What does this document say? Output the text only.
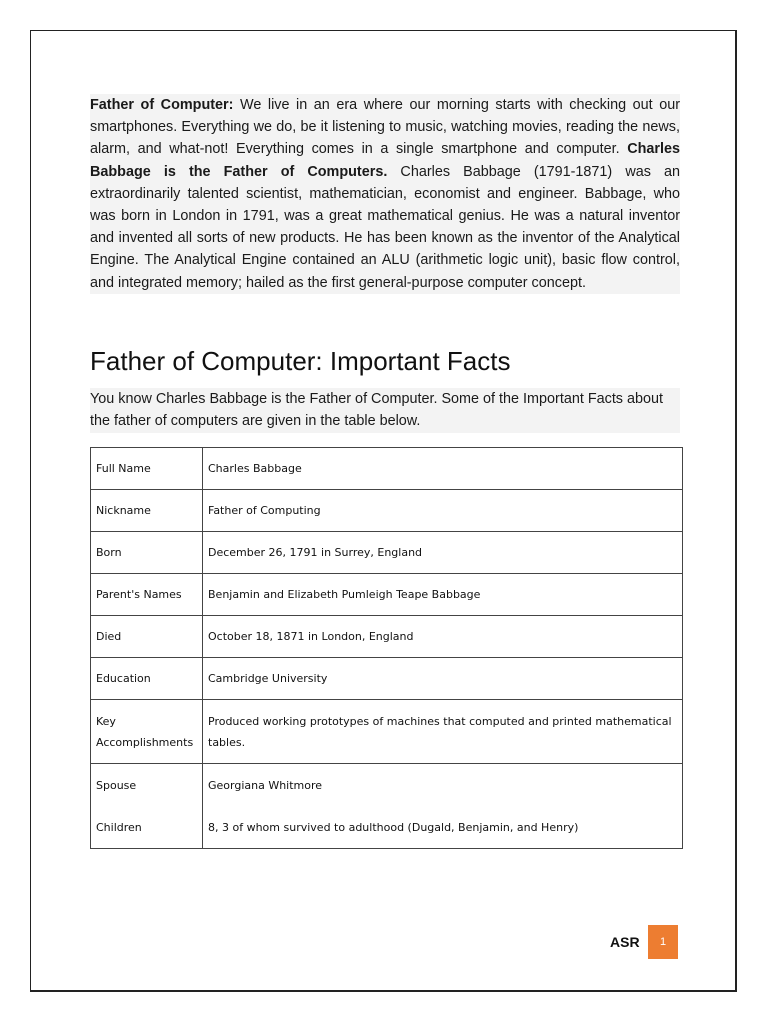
Father of Computer: We live in an era where our morning starts with checking out our smartphones. Everything we do, be it listening to music, watching movies, reading the news, alarm, and what-not! Everything comes in a single smartphone and computer. Charles Babbage is the Father of Computers. Charles Babbage (1791-1871) was an extraordinarily talented scientist, mathematician, economist and engineer. Babbage, who was born in London in 1791, was a great mathematical genius. He was a natural inventor and invented all sorts of new products. He has been known as the inventor of the Analytical Engine. The Analytical Engine contained an ALU (arithmetic logic unit), basic flow control, and integrated memory; hailed as the first general-purpose computer concept.

Father of Computer: Important Facts

You know Charles Babbage is the Father of Computer. Some of the Important Facts about the father of computers are given in the table below.

Full Name	Charles Babbage
Nickname	Father of Computing
Born	December 26, 1791 in Surrey, England
Parent's Names	Benjamin and Elizabeth Pumleigh Teape Babbage
Died	October 18, 1871 in London, England
Education	Cambridge University
Key Accomplishments	Produced working prototypes of machines that computed and printed mathematical tables.
Spouse	Georgiana Whitmore
Children	8, 3 of whom survived to adulthood (Dugald, Benjamin, and Henry)
ASR	1
